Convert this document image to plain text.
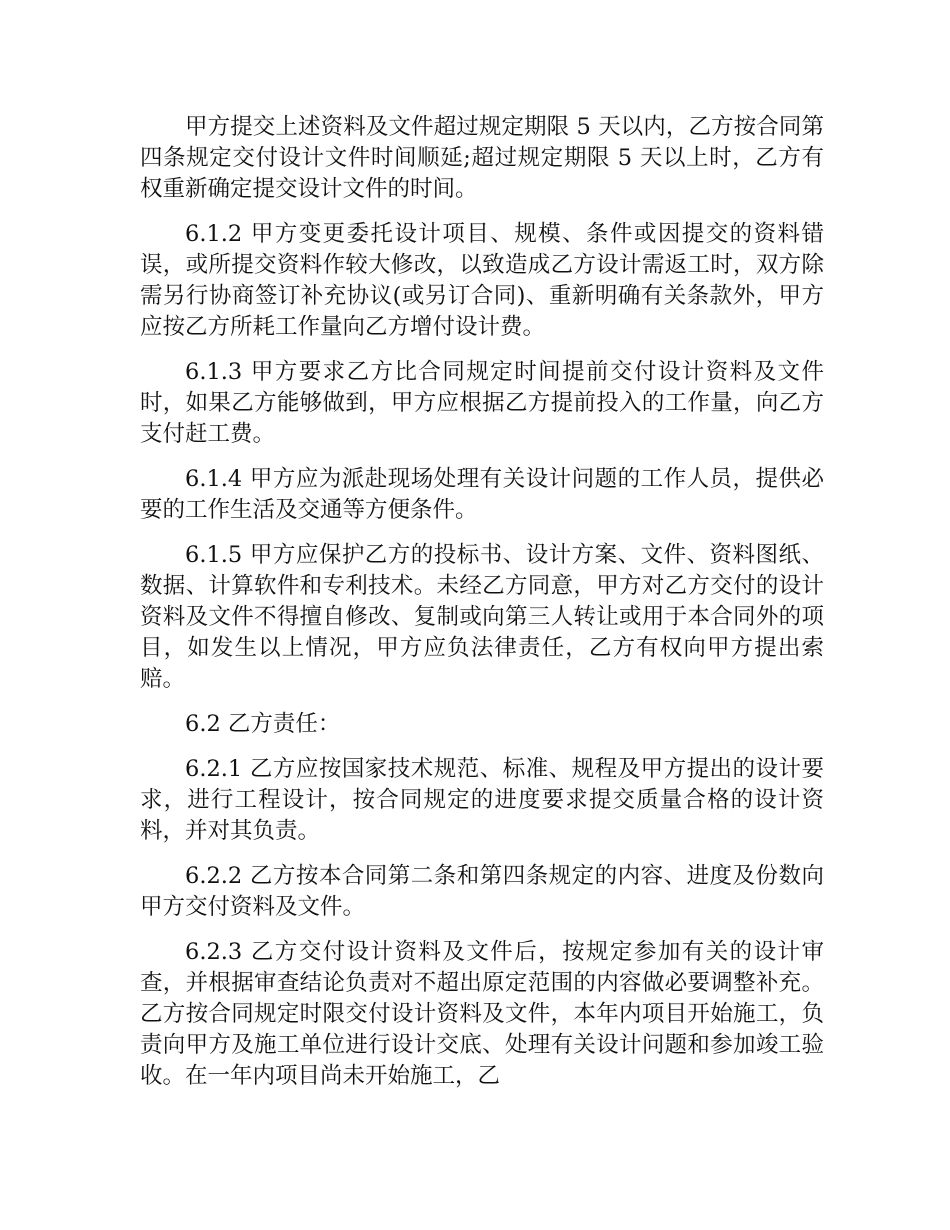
甲方提交上述资料及文件超过规定期限 5 天以内，乙方按合同第四条规定交付设计文件时间顺延;超过规定期限 5 天以上时，乙方有权重新确定提交设计文件的时间。

6.1.2 甲方变更委托设计项目、规模、条件或因提交的资料错误，或所提交资料作较大修改，以致造成乙方设计需返工时，双方除需另行协商签订补充协议(或另订合同)、重新明确有关条款外，甲方应按乙方所耗工作量向乙方增付设计费。

6.1.3 甲方要求乙方比合同规定时间提前交付设计资料及文件时，如果乙方能够做到，甲方应根据乙方提前投入的工作量，向乙方支付赶工费。

6.1.4 甲方应为派赴现场处理有关设计问题的工作人员，提供必要的工作生活及交通等方便条件。

6.1.5 甲方应保护乙方的投标书、设计方案、文件、资料图纸、数据、计算软件和专利技术。未经乙方同意，甲方对乙方交付的设计资料及文件不得擅自修改、复制或向第三人转让或用于本合同外的项目，如发生以上情况，甲方应负法律责任，乙方有权向甲方提出索赔。

6.2 乙方责任：

6.2.1 乙方应按国家技术规范、标准、规程及甲方提出的设计要求，进行工程设计，按合同规定的进度要求提交质量合格的设计资料，并对其负责。

6.2.2 乙方按本合同第二条和第四条规定的内容、进度及份数向甲方交付资料及文件。

6.2.3 乙方交付设计资料及文件后，按规定参加有关的设计审查，并根据审查结论负责对不超出原定范围的内容做必要调整补充。乙方按合同规定时限交付设计资料及文件，本年内项目开始施工，负责向甲方及施工单位进行设计交底、处理有关设计问题和参加竣工验收。在一年内项目尚未开始施工，乙
